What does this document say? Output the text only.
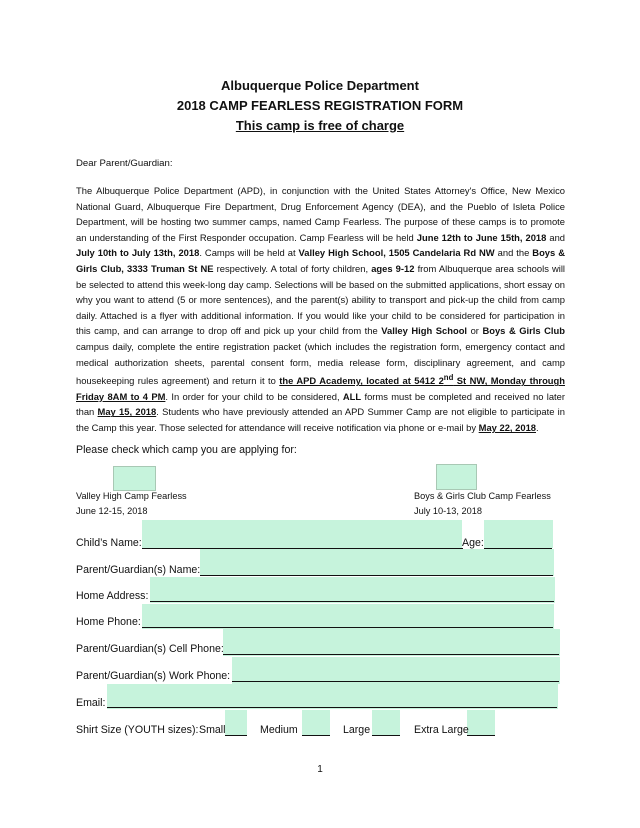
Albuquerque Police Department
2018 CAMP FEARLESS REGISTRATION FORM
This camp is free of charge
Dear Parent/Guardian:
The Albuquerque Police Department (APD), in conjunction with the United States Attorney's Office, New Mexico National Guard, Albuquerque Fire Department, Drug Enforcement Agency (DEA), and the Pueblo of Isleta Police Department, will be hosting two summer camps, named Camp Fearless. The purpose of these camps is to promote an understanding of the First Responder occupation. Camp Fearless will be held June 12th to June 15th, 2018 and July 10th to July 13th, 2018. Camps will be held at Valley High School, 1505 Candelaria Rd NW and the Boys & Girls Club, 3333 Truman St NE respectively. A total of forty children, ages 9-12 from Albuquerque area schools will be selected to attend this week-long day camp. Selections will be based on the submitted applications, short essay on why you want to attend (5 or more sentences), and the parent(s) ability to transport and pick-up the child from camp daily. Attached is a flyer with additional information. If you would like your child to be considered for participation in this camp, and can arrange to drop off and pick up your child from the Valley High School or Boys & Girls Club campus daily, complete the entire registration packet (which includes the registration form, emergency contact and medical authorization sheets, parental consent form, media release form, disciplinary agreement, and camp housekeeping rules agreement) and return it to the APD Academy, located at 5412 2nd St NW, Monday through Friday 8AM to 4 PM. In order for your child to be considered, ALL forms must be completed and received no later than May 15, 2018. Students who have previously attended an APD Summer Camp are not eligible to participate in the Camp this year. Those selected for attendance will receive notification via phone or e-mail by May 22, 2018.
Please check which camp you are applying for:
Valley High Camp Fearless
June 12-15, 2018
Boys & Girls Club Camp Fearless
July 10-13, 2018
Child’s Name:	Age:
Parent/Guardian(s) Name:
Home Address:
Home Phone:
Parent/Guardian(s) Cell Phone:
Parent/Guardian(s) Work Phone:
Email:
Shirt Size (YOUTH sizes): Small	Medium	Large	Extra Large
1
